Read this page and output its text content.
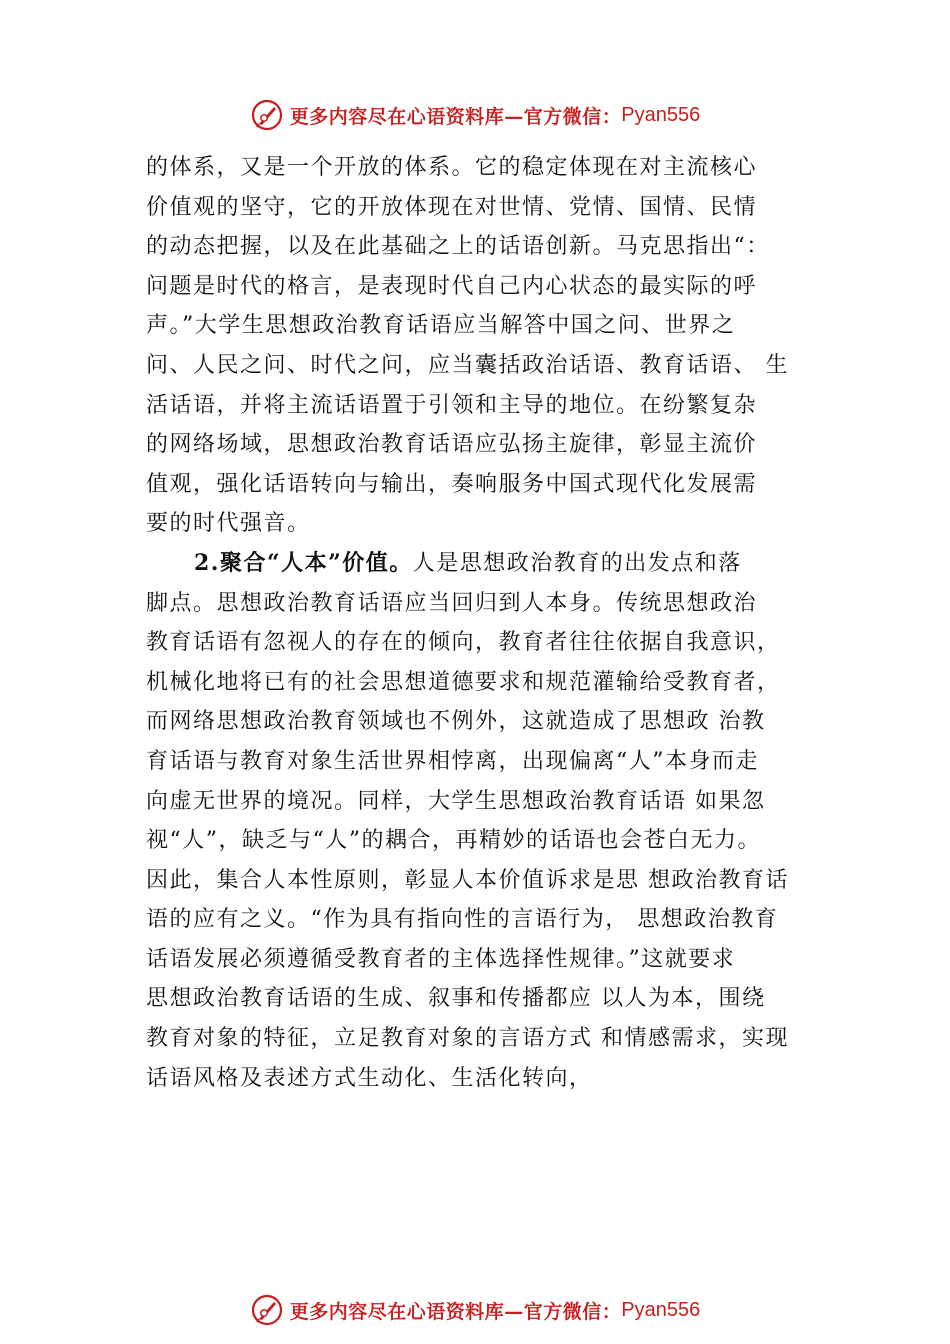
更多内容尽在心语资料库—官方微信： Pyan556
的体系，又是一个开放的体系。它的稳定体现在对主流核心
价值观的坚守，它的开放体现在对世情、党情、国情、民情
的动态把握，以及在此基础之上的话语创新。马克思指出“：
问题是时代的格言，是表现时代自己内心状态的最实际的呼
声。”大学生思想政治教育话语应当解答中国之问、世界之
问、人民之问、时代之问，应当囊括政治话语、教育话语、 生
活话语，并将主流话语置于引领和主导的地位。在纷繁复杂
的网络场域，思想政治教育话语应弘扬主旋律，彰显主流价
值观，强化话语转向与输出，奏响服务中国式现代化发展需
要的时代强音。
2.聚合“人本”价值。人是思想政治教育的出发点和落
脚点。思想政治教育话语应当回归到人本身。传统思想政治
教育话语有忽视人的存在的倾向，教育者往往依据自我意识，
机械化地将已有的社会思想道德要求和规范灌输给受教育者，
而网络思想政治教育领域也不例外，这就造成了思想政 治教
育话语与教育对象生活世界相悖离，出现偏离“人”本身而走
向虚无世界的境况。同样，大学生思想政治教育话语 如果忽
视“人”，缺乏与“人”的耦合，再精妙的话语也会苍白无力。
因此，集合人本性原则，彰显人本价值诉求是思 想政治教育话
语的应有之义。“作为具有指向性的言语行为， 思想政治教育
话语发展必须遵循受教育者的主体选择性规律。”这就要求
思想政治教育话语的生成、叙事和传播都应 以人为本，围绕
教育对象的特征，立足教育对象的言语方式 和情感需求，实现
话语风格及表述方式生动化、生活化转向，
更多内容尽在心语资料库—官方微信： Pyan556
